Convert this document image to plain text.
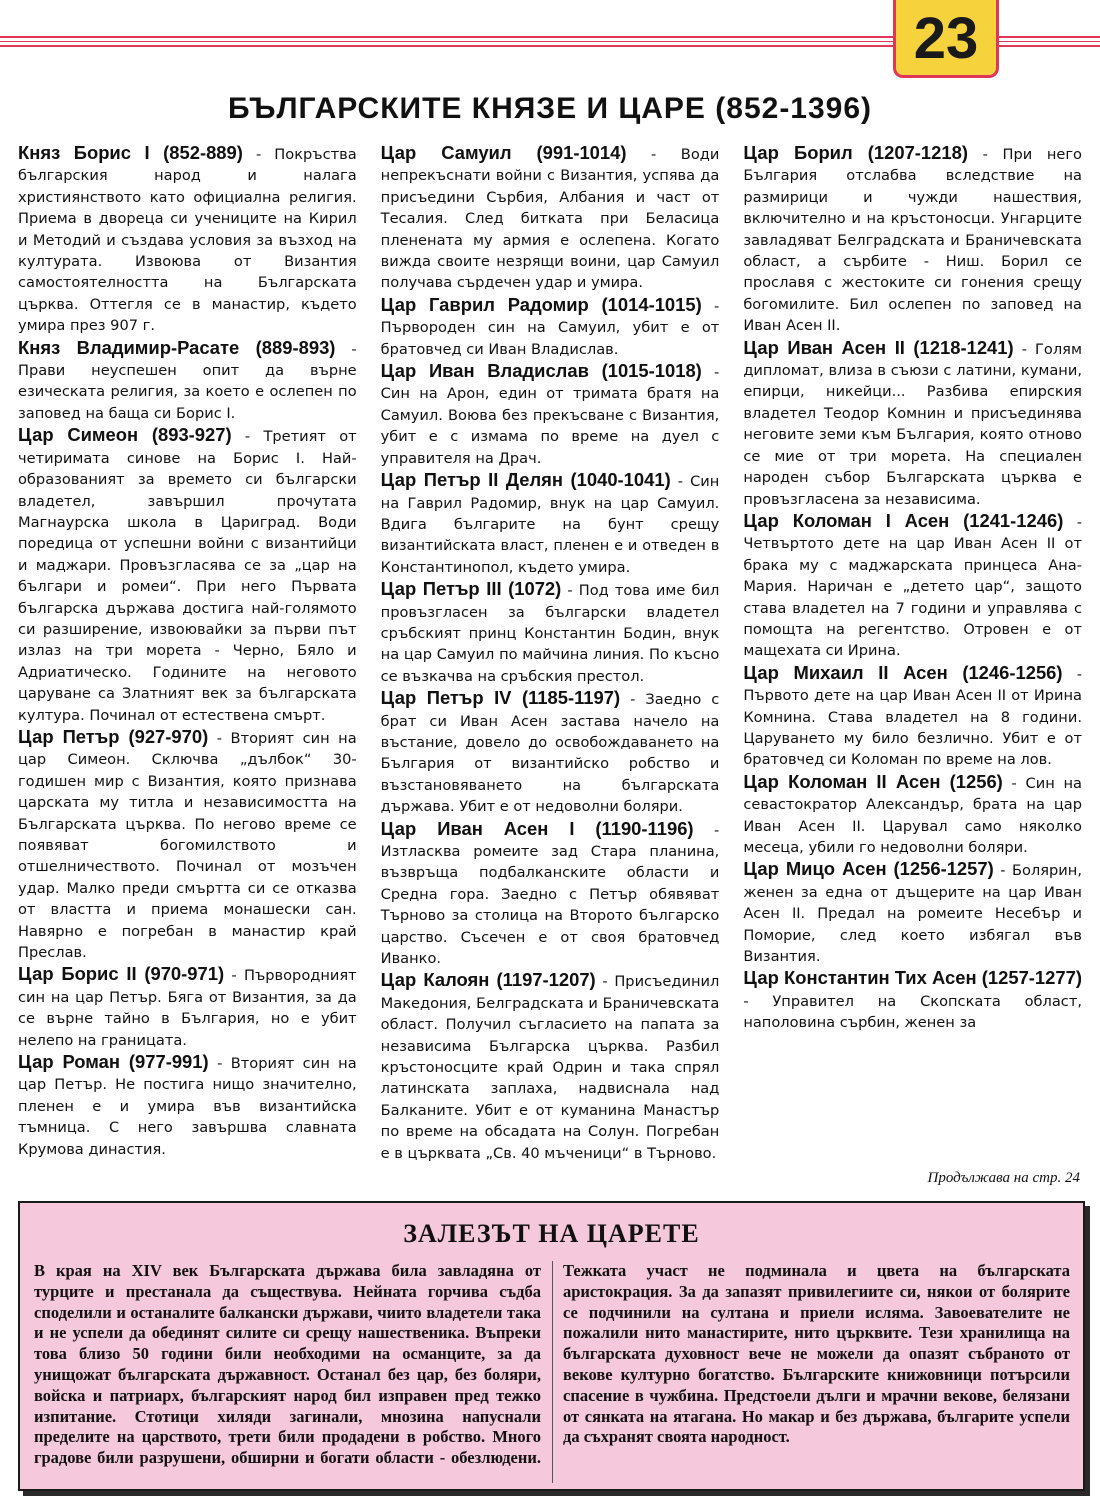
23
БЪЛГАРСКИТЕ КНЯЗЕ И ЦАРЕ (852-1396)

Княз Борис I (852-889) - Покръства българския народ и налага християнството като официална религия. Приема в двореца си учениците на Кирил и Методий и създава условия за възход на културата. Извоюва от Византия самостоятелността на Българската църква. Оттегля се в манастир, където умира през 907 г.

Княз Владимир-Расате (889-893) - Прави неуспешен опит да върне езическата религия, за което е ослепен по заповед на баща си Борис I.

Цар Симеон (893-927) - Третият от четиримата синове на Борис I. Най-образованият за времето си български владетел, завършил прочутата Магнаурска школа в Цариград. Води поредица от успешни войни с византийци и маджари. Провъзгласява се за „цар на българи и ромеи“. При него Първата българска държава достига най-голямото си разширение, извоювайки за първи път излаз на три морета - Черно, Бяло и Адриатическо. Годините на неговото царуване са Златният век за българската култура. Починал от естествена смърт.

Цар Петър (927-970) - Вторият син на цар Симеон. Сключва „дълбок“ 30-годишен мир с Византия, която признава царската му титла и независимостта на Българската църква. По негово време се появяват богомилството и отшелничеството. Починал от мозъчен удар. Малко преди смъртта си се отказва от властта и приема монашески сан. Навярно е погребан в манастир край Преслав.

Цар Борис II (970-971) - Първородният син на цар Петър. Бяга от Византия, за да се върне тайно в България, но е убит нелепо на границата.

Цар Роман (977-991) - Вторият син на цар Петър. Не постига нищо значително, пленен е и умира във византийска тъмница. С него завършва славната Крумова династия.

Цар Самуил (991-1014) - Води непрекъснати войни с Византия, успява да присъедини Сърбия, Албания и част от Тесалия. След битката при Беласица пленената му армия е ослепена. Когато вижда своите незрящи воини, цар Самуил получава сърдечен удар и умира.

Цар Гаврил Радомир (1014-1015) - Първороден син на Самуил, убит е от братовчед си Иван Владислав.

Цар Иван Владислав (1015-1018) - Син на Арон, един от тримата братя на Самуил. Воюва без прекъсване с Византия, убит е с измама по време на дуел с управителя на Драч.

Цар Петър II Делян (1040-1041) - Син на Гаврил Радомир, внук на цар Самуил. Вдига българите на бунт срещу византийската власт, пленен е и отведен в Константинопол, където умира.

Цар Петър III (1072) - Под това име бил провъзгласен за български владетел сръбският принц Константин Бодин, внук на цар Самуил по майчина линия. По късно се възкачва на сръбския престол.

Цар Петър IV (1185-1197) - Заедно с брат си Иван Асен застава начело на въстание, довело до освобождаването на България от византийско робство и възстановяването на българската държава. Убит е от недоволни боляри.

Цар Иван Асен I (1190-1196) - Изтласква ромеите зад Стара планина, възвръща подбалканските области и Средна гора. Заедно с Петър обявяват Търново за столица на Второто българско царство. Съсечен е от своя братовчед Иванко.

Цар Калоян (1197-1207) - Присъединил Македония, Белградската и Браничевската област. Получил съгласието на папата за независима Българска църква. Разбил кръстоносците край Одрин и така спрял латинската заплаха, надвиснала над Балканите. Убит е от куманина Манастър по време на обсадата на Солун. Погребан е в църквата „Св. 40 мъченици“ в Търново.

Цар Борил (1207-1218) - При него България отслабва вследствие на размирици и чужди нашествия, включително и на кръстоносци. Унгарците завладяват Белградската и Браничевската област, а сърбите - Ниш. Борил се прославя с жестоките си гонения срещу богомилите. Бил ослепен по заповед на Иван Асен II.

Цар Иван Асен II (1218-1241) - Голям дипломат, влиза в съюзи с латини, кумани, епирци, никейци... Разбива епирския владетел Теодор Комнин и присъединява неговите земи към България, която отново се мие от три морета. На специален народен събор Българската църква е провъзгласена за независима.

Цар Коломан I Асен (1241-1246) - Четвъртото дете на цар Иван Асен II от брака му с маджарската принцеса Ана-Мария. Наричан е „детето цар“, защото става владетел на 7 години и управлява с помощта на регентство. Отровен е от мащехата си Ирина.

Цар Михаил II Асен (1246-1256) - Първото дете на цар Иван Асен II от Ирина Комнина. Става владетел на 8 години. Царуването му било безлично. Убит е от братовчед си Коломан по време на лов.

Цар Коломан II Асен (1256) - Син на севастократор Александър, брата на цар Иван Асен II. Царувал само няколко месеца, убили го недоволни боляри.

Цар Мицо Асен (1256-1257) - Болярин, женен за една от дъщерите на цар Иван Асен II. Предал на ромеите Несебър и Поморие, след което избягал във Византия.

Цар Константин Тих Асен (1257-1277) - Управител на Скопската област, наполовина сърбин, женен за

Продължава на стр. 24
ЗАЛЕЗЪТ НА ЦАРЕТЕ
В края на XIV век Българската държава била завладяна от турците и престанала да съществува. Нейната горчива съдба споделили и останалите балкански държави, чиито владетели така и не успели да обединят силите си срещу нашественика. Въпреки това близо 50 години били необходими на османците, за да унищожат българската държавност. Останал без цар, без боляри, войска и патриарх, българският народ бил изправен пред тежко изпитание. Стотици хиляди загинали, мнозина напуснали пределите на царството, трети били продадени в робство. Много градове били разрушени, обширни и богати области - обезлюдени. Тежката участ не подминала и цвета на българската аристокрация. За да запазят привилегиите си, някои от болярите се подчинили на султана и приели исляма. Завоевателите не пожалили нито манастирите, нито църквите. Тези хранилища на българската духовност вече не можели да опазят събраното от векове културно богатство. Българските книжовници потърсили спасение в чужбина. Предстоели дълги и мрачни векове, белязани от сянката на ятагана. Но макар и без държава, българите успели да съхранят своята народност.
